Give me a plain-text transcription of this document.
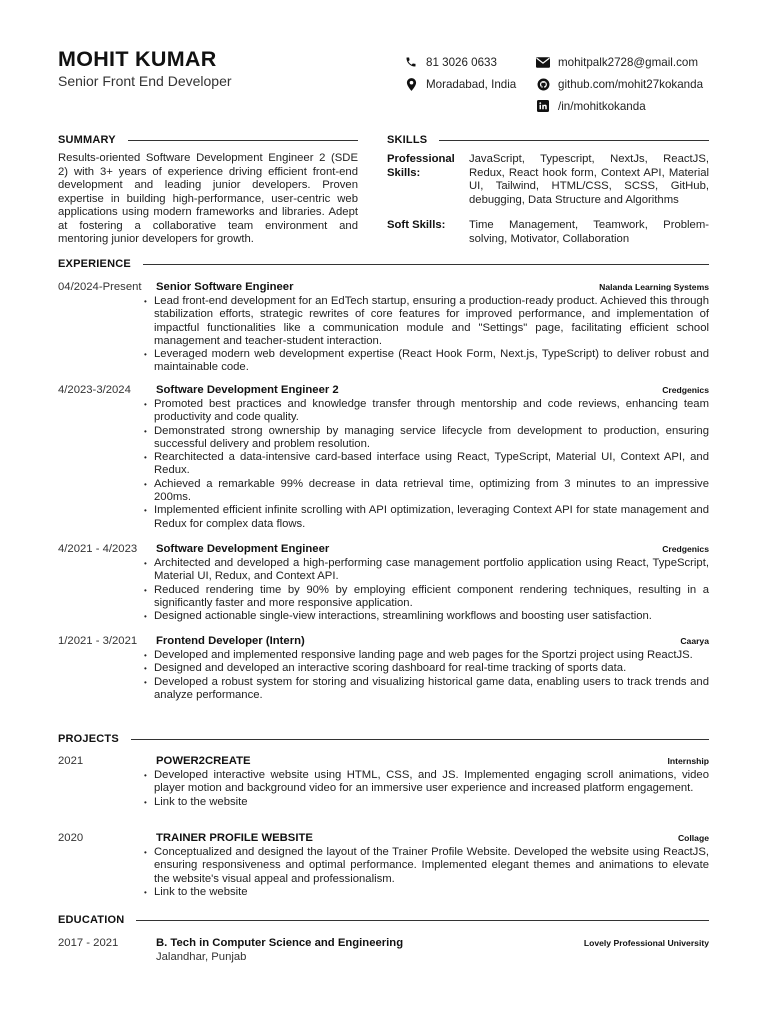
MOHIT KUMAR
Senior Front End Developer
81 3026 0633
Moradabad, India
mohitpalk2728@gmail.com
github.com/mohit27kokanda
/in/mohitkokanda
SUMMARY
Results-oriented Software Development Engineer 2 (SDE 2) with 3+ years of experience driving efficient front-end development and leading junior developers. Proven expertise in building high-performance, user-centric web applications using modern frameworks and libraries. Adept at fostering a collaborative team environment and mentoring junior developers for growth.
SKILLS
Professional Skills:
JavaScript, Typescript, NextJs, ReactJS, Redux, React hook form, Context API, Material UI, Tailwind, HTML/CSS, SCSS, GitHub, debugging, Data Structure and Algorithms
Soft Skills:	Time Management, Teamwork, Problem-solving, Motivator, Collaboration
EXPERIENCE
04/2024-Present Senior Software Engineer	Nalanda Learning Systems
• Lead front-end development for an EdTech startup, ensuring a production-ready product. Achieved this through stabilization efforts, strategic rewrites of core features for improved performance, and implementation of impactful functionalities like a communication module and "Settings" page, facilitating efficient school management and teacher-student interaction.
• Leveraged modern web development expertise (React Hook Form, Next.js, TypeScript) to deliver robust and maintainable code.
4/2023-3/2024 Software Development Engineer 2	Credgenics
• Promoted best practices and knowledge transfer through mentorship and code reviews, enhancing team productivity and code quality.
• Demonstrated strong ownership by managing service lifecycle from development to production, ensuring successful delivery and problem resolution.
• Rearchitected a data-intensive card-based interface using React, TypeScript, Material UI, Context API, and Redux.
• Achieved a remarkable 99% decrease in data retrieval time, optimizing from 3 minutes to an impressive 200ms.
• Implemented efficient infinite scrolling with API optimization, leveraging Context API for state management and Redux for complex data flows.
4/2021 - 4/2023 Software Development Engineer	Credgenics
• Architected and developed a high-performing case management portfolio application using React, TypeScript, Material UI, Redux, and Context API.
• Reduced rendering time by 90% by employing efficient component rendering techniques, resulting in a significantly faster and more responsive application.
• Designed actionable single-view interactions, streamlining workflows and boosting user satisfaction.
1/2021 - 3/2021 Frontend Developer (Intern)	Caarya
• Developed and implemented responsive landing page and web pages for the Sportzi project using ReactJS.
• Designed and developed an interactive scoring dashboard for real-time tracking of sports data.
• Developed a robust system for storing and visualizing historical game data, enabling users to track trends and analyze performance.
PROJECTS
2021	POWER2CREATE	Internship
• Developed interactive website using HTML, CSS, and JS. Implemented engaging scroll animations, video player motion and background video for an immersive user experience and increased platform engagement.
• Link to the website
2020	TRAINER PROFILE WEBSITE	Collage
• Conceptualized and designed the layout of the Trainer Profile Website. Developed the website using ReactJS, ensuring responsiveness and optimal performance. Implemented elegant themes and animations to elevate the website's visual appeal and professionalism.
• Link to the website
EDUCATION
2017 - 2021	B. Tech in Computer Science and Engineering	Lovely Professional University
Jalandhar, Punjab
